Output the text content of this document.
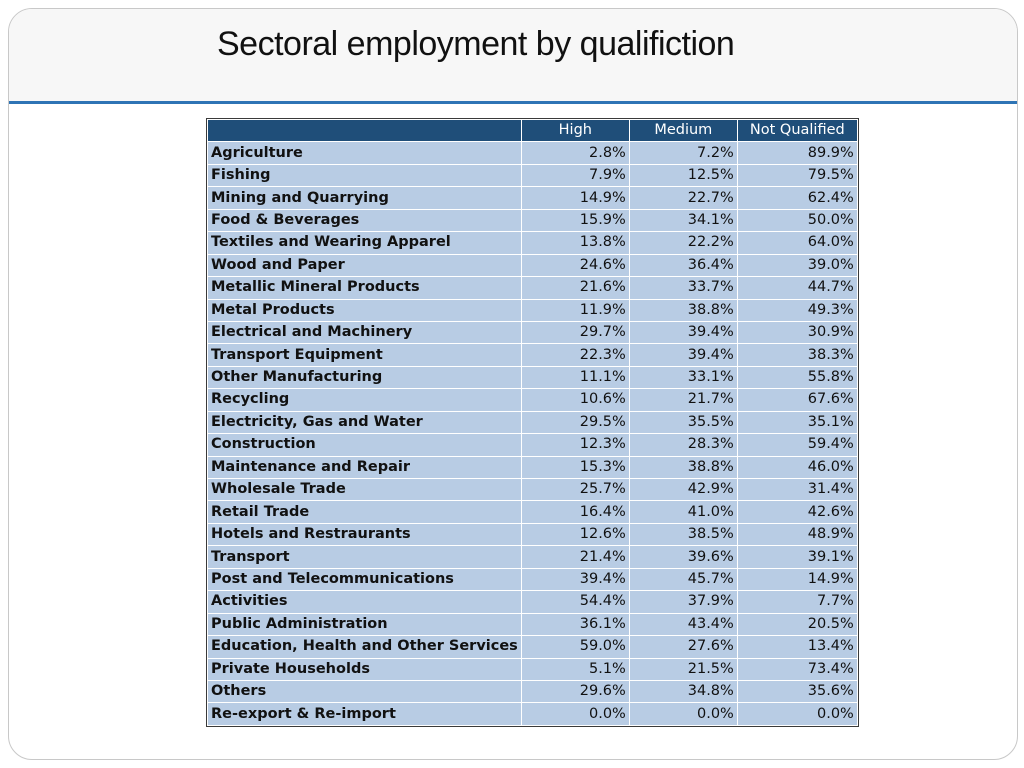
Sectoral employment by qualifiction
	High	Medium	Not Qualified
Agriculture	2.8%	7.2%	89.9%
Fishing	7.9%	12.5%	79.5%
Mining and Quarrying	14.9%	22.7%	62.4%
Food & Beverages	15.9%	34.1%	50.0%
Textiles and Wearing Apparel	13.8%	22.2%	64.0%
Wood and Paper	24.6%	36.4%	39.0%
Metallic Mineral Products	21.6%	33.7%	44.7%
Metal Products	11.9%	38.8%	49.3%
Electrical and Machinery	29.7%	39.4%	30.9%
Transport Equipment	22.3%	39.4%	38.3%
Other Manufacturing	11.1%	33.1%	55.8%
Recycling	10.6%	21.7%	67.6%
Electricity, Gas and Water	29.5%	35.5%	35.1%
Construction	12.3%	28.3%	59.4%
Maintenance and Repair	15.3%	38.8%	46.0%
Wholesale Trade	25.7%	42.9%	31.4%
Retail Trade	16.4%	41.0%	42.6%
Hotels and Restraurants	12.6%	38.5%	48.9%
Transport	21.4%	39.6%	39.1%
Post and Telecommunications	39.4%	45.7%	14.9%
Activities	54.4%	37.9%	7.7%
Public Administration	36.1%	43.4%	20.5%
Education, Health and Other Services	59.0%	27.6%	13.4%
Private Households	5.1%	21.5%	73.4%
Others	29.6%	34.8%	35.6%
Re-export & Re-import	0.0%	0.0%	0.0%
